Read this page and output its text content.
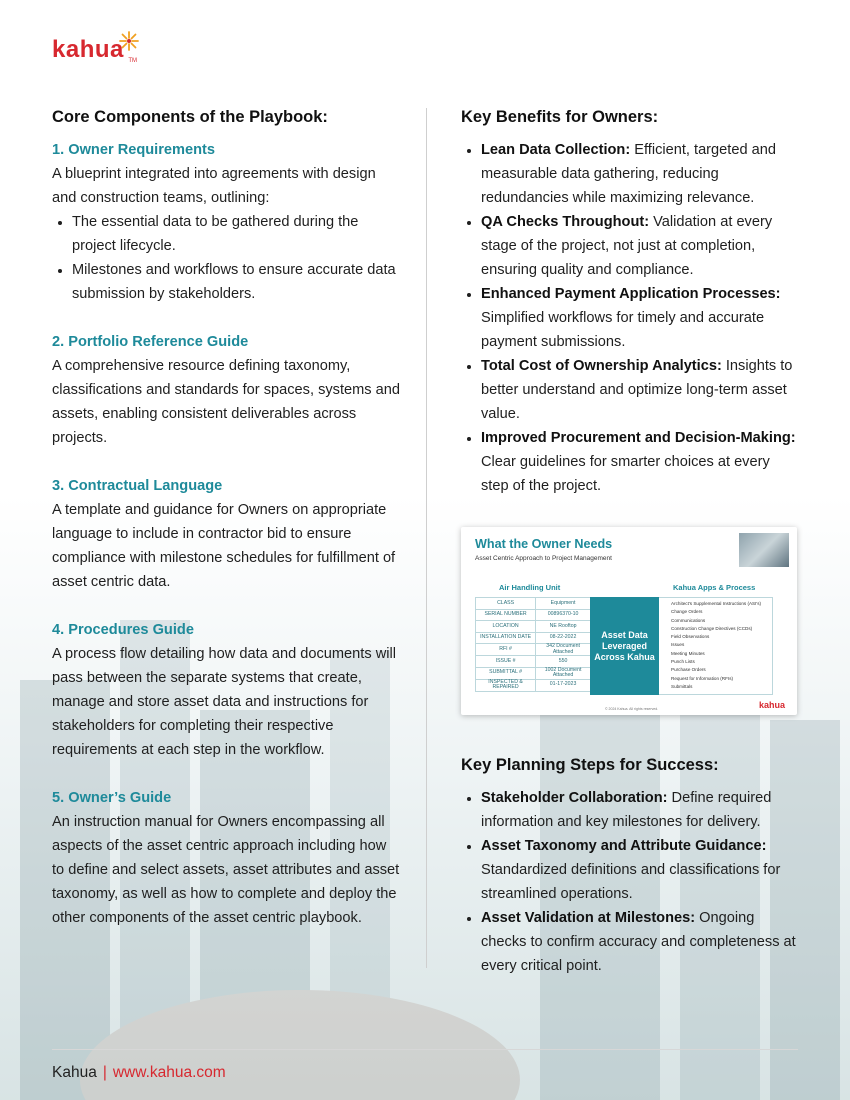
kahua TM
Core Components of the Playbook:

1. Owner Requirements

A blueprint integrated into agreements with design and construction teams, outlining:

• The essential data to be gathered during the project lifecycle.
• Milestones and workflows to ensure accurate data submission by stakeholders.

2. Portfolio Reference Guide

A comprehensive resource defining taxonomy, classifications and standards for spaces, systems and assets, enabling consistent deliverables across projects.

3. Contractual Language

A template and guidance for Owners on appropriate language to include in contractor bid to ensure compliance with milestone schedules for fulfillment of asset centric data.

4. Procedures Guide

A process flow detailing how data and documents will pass between the separate systems that create, manage and store asset data and instructions for stakeholders for completing their respective requirements at each step in the workflow.

5. Owner’s Guide

An instruction manual for Owners encompassing all aspects of the asset centric approach including how to define and select assets, asset attributes and asset taxonomy, as well as how to complete and deploy the other components of the asset centric playbook.

Key Benefits for Owners:
• Lean Data Collection: Efficient, targeted and measurable data gathering, reducing redundancies while maximizing relevance.
• QA Checks Throughout: Validation at every stage of the project, not just at completion, ensuring quality and compliance.
• Enhanced Payment Application Processes: Simplified workflows for timely and accurate payment submissions.
• Total Cost of Ownership Analytics: Insights to better understand and optimize long-term asset value.
• Improved Procurement and Decision-Making: Clear guidelines for smarter choices at every step of the project.
Key Planning Steps for Success:
• Stakeholder Collaboration: Define required information and key milestones for delivery.
• Asset Taxonomy and Attribute Guidance: Standardized definitions and classifications for streamlined operations.
• Asset Validation at Milestones: Ongoing checks to confirm accuracy and completeness at every critical point.
What the Owner Needs
Asset Centric Approach to Project Management
Air Handling Unit	Kahua Apps & Process
CLASS	Equipment
SERIAL NUMBER	00896370-10
LOCATION	NE Rooftop
INSTALLATION DATE	08-22-2022
RFI #	342 Document Attached
ISSUE #	550
SUBMITTAL #	1002 Document Attached
INSPECTED & REPAIRED	01-17-2023
Asset Data Leveraged Across Kahua
Architect's Supplemental Instructions (ASI's)
Change Orders
Communications
Construction Change Directives (CCDs)
Field Observations
Issues
Meeting Minutes
Punch Lists
Purchase Orders
Request for Information (RFIs)
Submittals
© 2024 Kahua. All rights reserved.	kahua
Kahua | www.kahua.com
